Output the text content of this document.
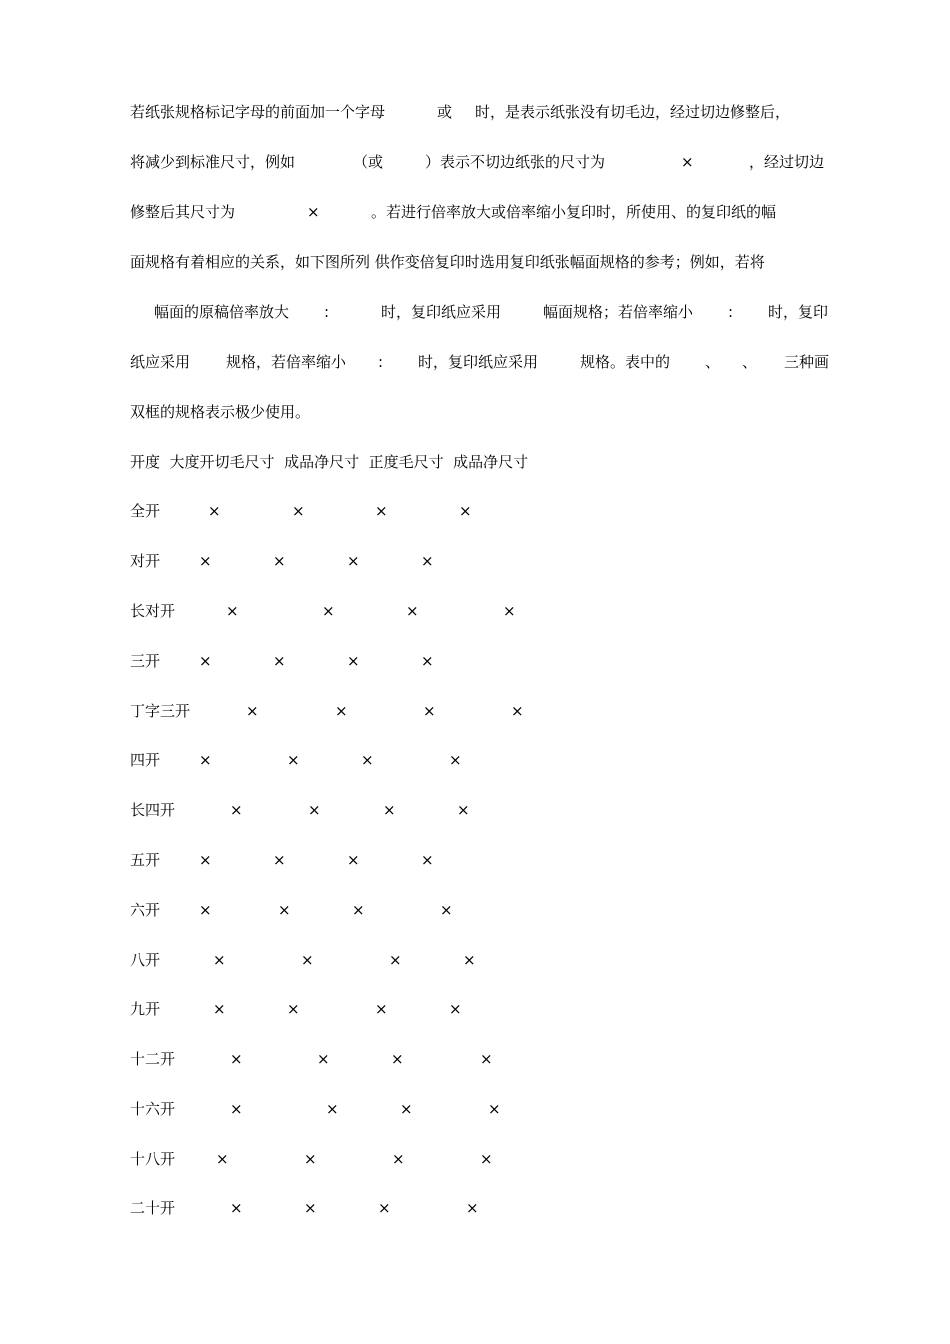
若纸张规格标记字母的前面加一个字母	或 时，是表示纸张没有切毛边，经过切边修整后，
将减少到标准尺寸，例如	（或	）表示不切边纸张的尺寸为	×	，经过切边
修整后其尺寸为	×	。若进行倍率放大或倍率缩小复印时，所使用、的复印纸的幅
面规格有着相应的关系，如下图所列 供作变倍复印时选用复印纸张幅面规格的参考；例如，若将
幅面的原稿倍率放大 :	时，复印纸应采用	幅面规格；若倍率缩小 : 时，复印
纸应采用 规格，若倍率缩小 : 时，复印纸应采用	规格。表中的 、 、 三种画
双框的规格表示极少使用。
开度  大度开切毛尺寸  成品净尺寸  正度毛尺寸  成品净尺寸
全开	×	×	×	×
对开	×	×	×	×
长对开	×	×	×	×
三开	×	×	×	×
丁字三开	×	×	×	×
四开	×	×	×	×
长四开	×	×	×	×
五开	×	×	×	×
六开	×	×	×	×
八开	×	×	×	×
九开	×	×	×	×
十二开	×	×	×	×
十六开	×	×	×	×
十八开	×	×	×	×
二十开	×	×	×	×
